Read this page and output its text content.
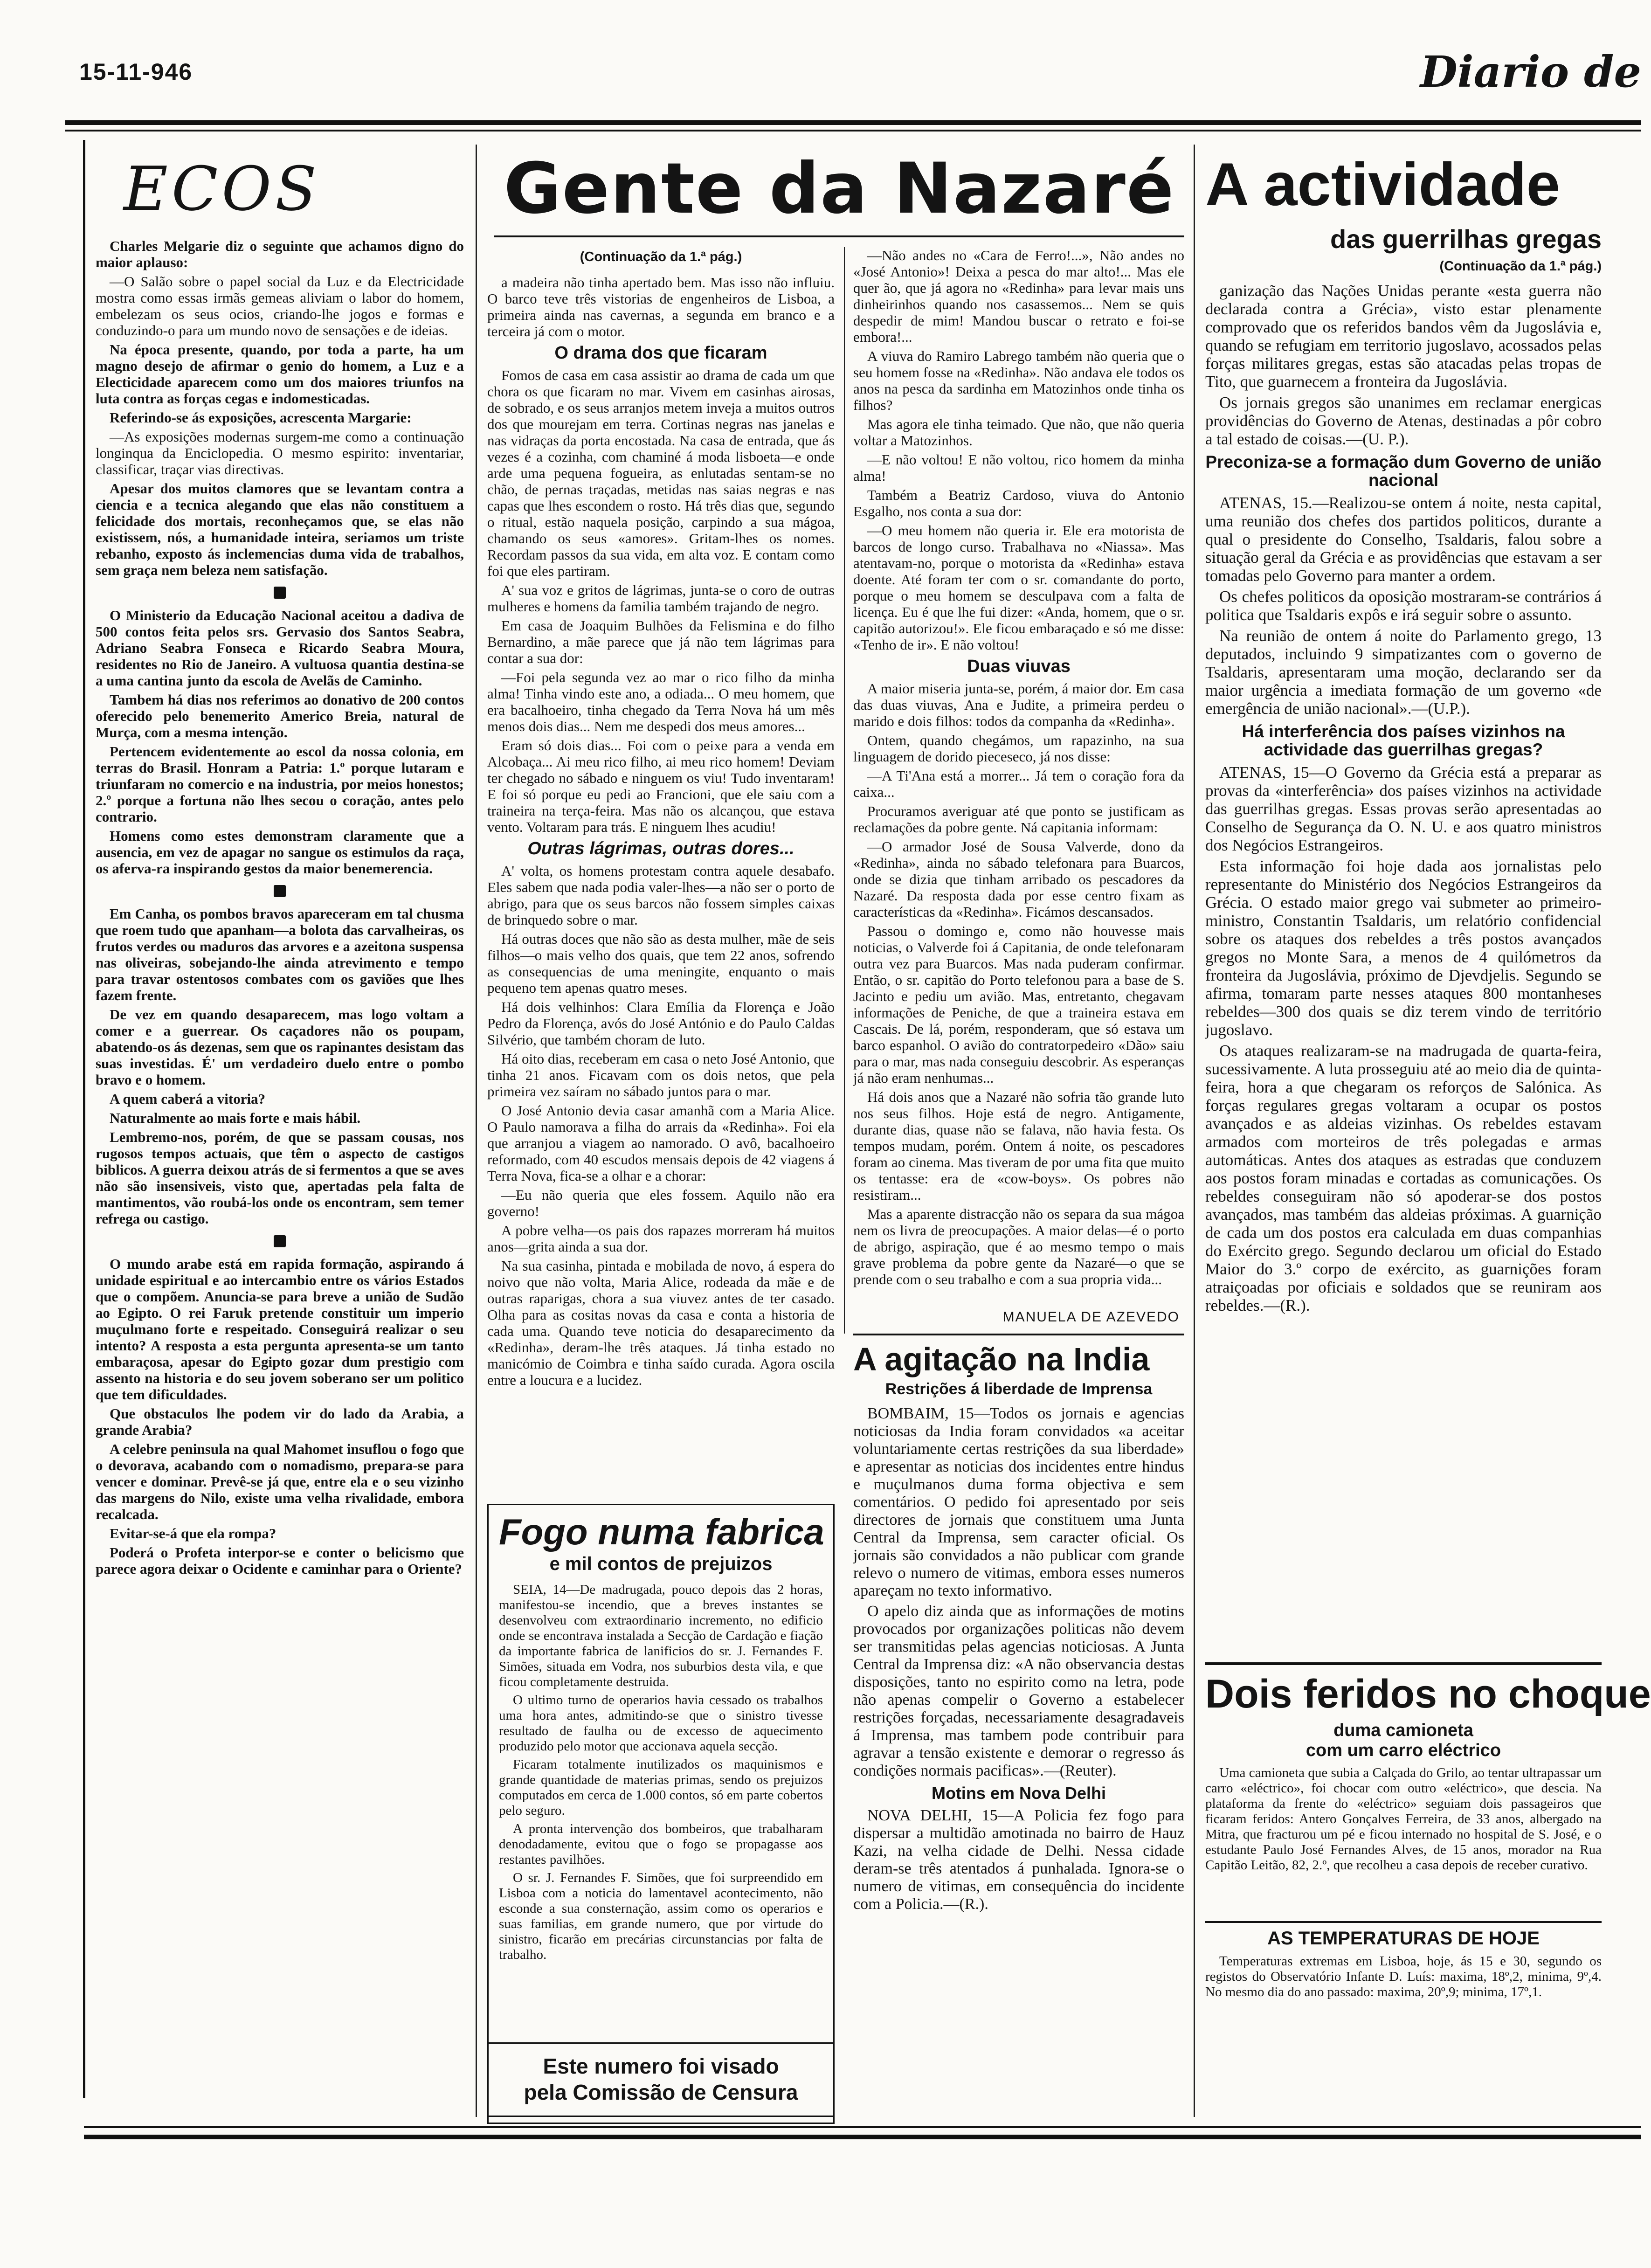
15-11-946	Diario de
ECOS

Charles Melgarie diz o seguinte que achamos digno do maior aplauso:

—O Salão sobre o papel social da Luz e da Electricidade mostra como essas irmãs gemeas aliviam o labor do homem, embelezam os seus ocios, criando-lhe jogos e formas e conduzindo-o para um mundo novo de sensações e de ideias.

Na época presente, quando, por toda a parte, ha um magno desejo de afirmar o genio do homem, a Luz e a Electicidade aparecem como um dos maiores triunfos na luta contra as forças cegas e indomesticadas.

Referindo-se ás exposições, acrescenta Margarie:

—As exposições modernas surgem-me como a continuação longinqua da Enciclopedia. O mesmo espirito: inventariar, classificar, traçar vias directivas.

Apesar dos muitos clamores que se levantam contra a ciencia e a tecnica alegando que elas não constituem a felicidade dos mortais, reconheçamos que, se elas não existissem, nós, a humanidade inteira, seriamos um triste rebanho, exposto ás inclemencias duma vida de trabalhos, sem graça nem beleza nem satisfação.

O Ministerio da Educação Nacional aceitou a dadiva de 500 contos feita pelos srs. Gervasio dos Santos Seabra, Adriano Seabra Fonseca e Ricardo Seabra Moura, residentes no Rio de Janeiro. A vultuosa quantia destina-se a uma cantina junto da escola de Avelãs de Caminho.

Tambem há dias nos referimos ao donativo de 200 contos oferecido pelo benemerito Americo Breia, natural de Murça, com a mesma intenção.

Pertencem evidentemente ao escol da nossa colonia, em terras do Brasil. Honram a Patria: 1.º porque lutaram e triunfaram no comercio e na industria, por meios honestos; 2.º porque a fortuna não lhes secou o coração, antes pelo contrario.

Homens como estes demonstram claramente que a ausencia, em vez de apagar no sangue os estimulos da raça, os aferva-ra inspirando gestos da maior benemerencia.

Em Canha, os pombos bravos apareceram em tal chusma que roem tudo que apanham—a bolota das carvalheiras, os frutos verdes ou maduros das arvores e a azeitona suspensa nas oliveiras, sobejando-lhe ainda atrevimento e tempo para travar ostentosos combates com os gaviões que lhes fazem frente.

De vez em quando desaparecem, mas logo voltam a comer e a guerrear. Os caçadores não os poupam, abatendo-os ás dezenas, sem que os rapinantes desistam das suas investidas. É' um verdadeiro duelo entre o pombo bravo e o homem.

A quem caberá a vitoria?

Naturalmente ao mais forte e mais hábil.

Lembremo-nos, porém, de que se passam cousas, nos rugosos tempos actuais, que têm o aspecto de castigos biblicos. A guerra deixou atrás de si fermentos a que se aves não são insensiveis, visto que, apertadas pela falta de mantimentos, vão roubá-los onde os encontram, sem temer refrega ou castigo.

O mundo arabe está em rapida formação, aspirando á unidade espiritual e ao intercambio entre os vários Estados que o compõem. Anuncia-se para breve a união de Sudão ao Egipto. O rei Faruk pretende constituir um imperio muçulmano forte e respeitado. Conseguirá realizar o seu intento? A resposta a esta pergunta apresenta-se um tanto embaraçosa, apesar do Egipto gozar dum prestigio com assento na historia e do seu jovem soberano ser um politico que tem dificuldades.

Que obstaculos lhe podem vir do lado da Arabia, a grande Arabia?

A celebre peninsula na qual Mahomet insuflou o fogo que o devorava, acabando com o nomadismo, prepara-se para vencer e dominar. Prevê-se já que, entre ela e o seu vizinho das margens do Nilo, existe uma velha rivalidade, embora recalcada.

Evitar-se-á que ela rompa?

Poderá o Profeta interpor-se e conter o belicismo que parece agora deixar o Ocidente e caminhar para o Oriente?

Gente da Nazaré
(Continuação da 1.ª pág.)

a madeira não tinha apertado bem. Mas isso não influiu. O barco teve três vistorias de engenheiros de Lisboa, a primeira ainda nas cavernas, a segunda em branco e a terceira já com o motor.

O drama dos que ficaram

Fomos de casa em casa assistir ao drama de cada um que chora os que ficaram no mar. Vivem em casinhas airosas, de sobrado, e os seus arranjos metem inveja a muitos outros dos que mourejam em terra. Cortinas negras nas janelas e nas vidraças da porta encostada. Na casa de entrada, que ás vezes é a cozinha, com chaminé á moda lisboeta—e onde arde uma pequena fogueira, as enlutadas sentam-se no chão, de pernas traçadas, metidas nas saias negras e nas capas que lhes escondem o rosto. Há três dias que, segundo o ritual, estão naquela posição, carpindo a sua mágoa, chamando os seus «amores». Gritam-lhes os nomes. Recordam passos da sua vida, em alta voz. E contam como foi que eles partiram.

A' sua voz e gritos de lágrimas, junta-se o coro de outras mulheres e homens da familia também trajando de negro.

Em casa de Joaquim Bulhões da Felismina e do filho Bernardino, a mãe parece que já não tem lágrimas para contar a sua dor:

—Foi pela segunda vez ao mar o rico filho da minha alma! Tinha vindo este ano, a odiada... O meu homem, que era bacalhoeiro, tinha chegado da Terra Nova há um mês menos dois dias... Nem me despedi dos meus amores...

Eram só dois dias... Foi com o peixe para a venda em Alcobaça... Ai meu rico filho, ai meu rico homem! Deviam ter chegado no sábado e ninguem os viu! Tudo inventaram! E foi só porque eu pedi ao Francioni, que ele saiu com a traineira na terça-feira. Mas não os alcançou, que estava vento. Voltaram para trás. E ninguem lhes acudiu!

Outras lágrimas, outras dores...

A' volta, os homens protestam contra aquele desabafo. Eles sabem que nada podia valer-lhes—a não ser o porto de abrigo, para que os seus barcos não fossem simples caixas de brinquedo sobre o mar.

Há outras doces que não são as desta mulher, mãe de seis filhos—o mais velho dos quais, que tem 22 anos, sofrendo as consequencias de uma meningite, enquanto o mais pequeno tem apenas quatro meses.

Há dois velhinhos: Clara Emília da Florença e João Pedro da Florença, avós do José António e do Paulo Caldas Silvério, que também choram de luto.

Há oito dias, receberam em casa o neto José Antonio, que tinha 21 anos. Ficavam com os dois netos, que pela primeira vez saíram no sábado juntos para o mar.

O José Antonio devia casar amanhã com a Maria Alice. O Paulo namorava a filha do arrais da «Redinha». Foi ela que arranjou a viagem ao namorado. O avô, bacalhoeiro reformado, com 40 escudos mensais depois de 42 viagens á Terra Nova, fica-se a olhar e a chorar:

—Eu não queria que eles fossem. Aquilo não era governo!

A pobre velha—os pais dos rapazes morreram há muitos anos—grita ainda a sua dor.

Na sua casinha, pintada e mobilada de novo, á espera do noivo que não volta, Maria Alice, rodeada da mãe e de outras raparigas, chora a sua viuvez antes de ter casado. Olha para as cositas novas da casa e conta a historia de cada uma. Quando teve noticia do desaparecimento da «Redinha», deram-lhe três ataques. Já tinha estado no manicómio de Coimbra e tinha saído curada. Agora oscila entre a loucura e a lucidez.

—Não andes no «Cara de Ferro!...», Não andes no «José Antonio»! Deixa a pesca do mar alto!... Mas ele quer ão, que já agora no «Redinha» para levar mais uns dinheirinhos quando nos casassemos... Nem se quis despedir de mim! Mandou buscar o retrato e foi-se embora!...

A viuva do Ramiro Labrego também não queria que o seu homem fosse na «Redinha». Não andava ele todos os anos na pesca da sardinha em Matozinhos onde tinha os filhos?

Mas agora ele tinha teimado. Que não, que não queria voltar a Matozinhos.

—E não voltou! E não voltou, rico homem da minha alma!

Também a Beatriz Cardoso, viuva do Antonio Esgalho, nos conta a sua dor:

—O meu homem não queria ir. Ele era motorista de barcos de longo curso. Trabalhava no «Niassa». Mas atentavam-no, porque o motorista da «Redinha» estava doente. Até foram ter com o sr. comandante do porto, porque o meu homem se desculpava com a falta de licença. Eu é que lhe fui dizer: «Anda, homem, que o sr. capitão autorizou!». Ele ficou embaraçado e só me disse: «Tenho de ir». E não voltou!

Duas viuvas

A maior miseria junta-se, porém, á maior dor. Em casa das duas viuvas, Ana e Judite, a primeira perdeu o marido e dois filhos: todos da companha da «Redinha».

Ontem, quando chegámos, um rapazinho, na sua linguagem de dorido pieceseco, já nos disse:

—A Ti'Ana está a morrer... Já tem o coração fora da caixa...

Procuramos averiguar até que ponto se justificam as reclamações da pobre gente. Ná capitania informam:

—O armador José de Sousa Valverde, dono da «Redinha», ainda no sábado telefonara para Buarcos, onde se dizia que tinham arribado os pescadores da Nazaré. Da resposta dada por esse centro fixam as características da «Redinha». Ficámos descansados.

Passou o domingo e, como não houvesse mais noticias, o Valverde foi á Capitania, de onde telefonaram outra vez para Buarcos. Mas nada puderam confirmar. Então, o sr. capitão do Porto telefonou para a base de S. Jacinto e pediu um avião. Mas, entretanto, chegavam informações de Peniche, de que a traineira estava em Cascais. De lá, porém, responderam, que só estava um barco espanhol. O avião do contratorpedeiro «Dão» saiu para o mar, mas nada conseguiu descobrir. As esperanças já não eram nenhumas...

Há dois anos que a Nazaré não sofria tão grande luto nos seus filhos. Hoje está de negro. Antigamente, durante dias, quase não se falava, não havia festa. Os tempos mudam, porém. Ontem á noite, os pescadores foram ao cinema. Mas tiveram de por uma fita que muito os tentasse: era de «cow-boys». Os pobres não resistiram...

Mas a aparente distracção não os separa da sua mágoa nem os livra de preocupações. A maior delas—é o porto de abrigo, aspiração, que é ao mesmo tempo o mais grave problema da pobre gente da Nazaré—o que se prende com o seu trabalho e com a sua propria vida...

MANUELA DE AZEVEDO
Fogo numa fabrica
e mil contos de prejuizos

SEIA, 14—De madrugada, pouco depois das 2 horas, manifestou-se incendio, que a breves instantes se desenvolveu com extraordinario incremento, no edificio onde se encontrava instalada a Secção de Cardação e fiação da importante fabrica de lanificios do sr. J. Fernandes F. Simões, situada em Vodra, nos suburbios desta vila, e que ficou completamente destruida.

O ultimo turno de operarios havia cessado os trabalhos uma hora antes, admitindo-se que o sinistro tivesse resultado de faulha ou de excesso de aquecimento produzido pelo motor que accionava aquela secção.

Ficaram totalmente inutilizados os maquinismos e grande quantidade de materias primas, sendo os prejuizos computados em cerca de 1.000 contos, só em parte cobertos pelo seguro.

A pronta intervenção dos bombeiros, que trabalharam denodadamente, evitou que o fogo se propagasse aos restantes pavilhões.

O sr. J. Fernandes F. Simões, que foi surpreendido em Lisboa com a noticia do lamentavel acontecimento, não esconde a sua consternação, assim como os operarios e suas familias, em grande numero, que por virtude do sinistro, ficarão em precárias circunstancias por falta de trabalho.

Este numero foi visado
pela Comissão de Censura
A agitação na India
Restrições á liberdade de Imprensa

BOMBAIM, 15—Todos os jornais e agencias noticiosas da India foram convidados «a aceitar voluntariamente certas restrições da sua liberdade» e apresentar as noticias dos incidentes entre hindus e muçulmanos duma forma objectiva e sem comentários. O pedido foi apresentado por seis directores de jornais que constituem uma Junta Central da Imprensa, sem caracter oficial. Os jornais são convidados a não publicar com grande relevo o numero de vitimas, embora esses numeros apareçam no texto informativo.

O apelo diz ainda que as informações de motins provocados por organizações politicas não devem ser transmitidas pelas agencias noticiosas. A Junta Central da Imprensa diz: «A não observancia destas disposições, tanto no espirito como na letra, pode não apenas compelir o Governo a estabelecer restrições forçadas, necessariamente desagradaveis á Imprensa, mas tambem pode contribuir para agravar a tensão existente e demorar o regresso ás condições normais pacificas».—(Reuter).

Motins em Nova Delhi

NOVA DELHI, 15—A Policia fez fogo para dispersar a multidão amotinada no bairro de Hauz Kazi, na velha cidade de Delhi. Nessa cidade deram-se três atentados á punhalada. Ignora-se o numero de vitimas, em consequência do incidente com a Policia.—(R.).

A actividade
das guerrilhas gregas
(Continuação da 1.ª pág.)

ganização das Nações Unidas perante «esta guerra não declarada contra a Grécia», visto estar plenamente comprovado que os referidos bandos vêm da Jugoslávia e, quando se refugiam em territorio jugoslavo, acossados pelas forças militares gregas, estas são atacadas pelas tropas de Tito, que guarnecem a fronteira da Jugoslávia.

Os jornais gregos são unanimes em reclamar energicas providências do Governo de Atenas, destinadas a pôr cobro a tal estado de coisas.—(U. P.).

Preconiza-se a formação dum Governo de união nacional

ATENAS, 15.—Realizou-se ontem á noite, nesta capital, uma reunião dos chefes dos partidos politicos, durante a qual o presidente do Conselho, Tsaldaris, falou sobre a situação geral da Grécia e as providências que estavam a ser tomadas pelo Governo para manter a ordem.

Os chefes politicos da oposição mostraram-se contrários á politica que Tsaldaris expôs e irá seguir sobre o assunto.

Na reunião de ontem á noite do Parlamento grego, 13 deputados, incluindo 9 simpatizantes com o governo de Tsaldaris, apresentaram uma moção, declarando ser da maior urgência a imediata formação de um governo «de emergência de união nacional».—(U.P.).

Há interferência dos países vizinhos na actividade das guerrilhas gregas?

ATENAS, 15—O Governo da Grécia está a preparar as provas da «interferência» dos países vizinhos na actividade das guerrilhas gregas. Essas provas serão apresentadas ao Conselho de Segurança da O. N. U. e aos quatro ministros dos Negócios Estrangeiros.

Esta informação foi hoje dada aos jornalistas pelo representante do Ministério dos Negócios Estrangeiros da Grécia. O estado maior grego vai submeter ao primeiro-ministro, Constantin Tsaldaris, um relatório confidencial sobre os ataques dos rebeldes a três postos avançados gregos no Monte Sara, a menos de 4 quilómetros da fronteira da Jugoslávia, próximo de Djevdjelis. Segundo se afirma, tomaram parte nesses ataques 800 montanheses rebeldes—300 dos quais se diz terem vindo de território jugoslavo.

Os ataques realizaram-se na madrugada de quarta-feira, sucessivamente. A luta prosseguiu até ao meio dia de quinta-feira, hora a que chegaram os reforços de Salónica. As forças regulares gregas voltaram a ocupar os postos avançados e as aldeias vizinhas. Os rebeldes estavam armados com morteiros de três polegadas e armas automáticas. Antes dos ataques as estradas que conduzem aos postos foram minadas e cortadas as comunicações. Os rebeldes conseguiram não só apoderar-se dos postos avançados, mas também das aldeias próximas. A guarnição de cada um dos postos era calculada em duas companhias do Exército grego. Segundo declarou um oficial do Estado Maior do 3.º corpo de exército, as guarnições foram atraiçoadas por oficiais e soldados que se reuniram aos rebeldes.—(R.).

Dois feridos no choque
duma camioneta
com um carro eléctrico

Uma camioneta que subia a Calçada do Grilo, ao tentar ultrapassar um carro «eléctrico», foi chocar com outro «eléctrico», que descia. Na plataforma da frente do «eléctrico» seguiam dois passageiros que ficaram feridos: Antero Gonçalves Ferreira, de 33 anos, albergado na Mitra, que fracturou um pé e ficou internado no hospital de S. José, e o estudante Paulo José Fernandes Alves, de 15 anos, morador na Rua Capitão Leitão, 82, 2.º, que recolheu a casa depois de receber curativo.

AS TEMPERATURAS DE HOJE

Temperaturas extremas em Lisboa, hoje, ás 15 e 30, segundo os registos do Observatório Infante D. Luís: maxima, 18º,2, minima, 9º,4. No mesmo dia do ano passado: maxima, 20º,9; minima, 17º,1.
